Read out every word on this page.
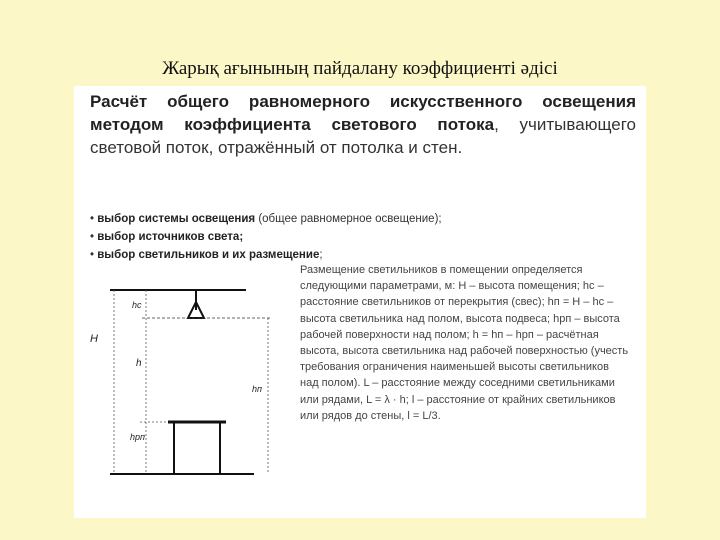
Жарық ағынының пайдалану коэффициенті әдісі
Расчёт общего равномерного искусственного освещения методом коэффициента светового потока, учитывающего световой поток, отражённый от потолка и стен.
• выбор системы освещения (общее равномерное освещение);
• выбор источников света;
• выбор светильников и их размещение;
H
hс
h
hп
hрп
Размещение светильников в помещении определяется следующими параметрами, м: H – высота помещения; hс – расстояние светильников от перекрытия (свес); hп = H – hс – высота светильника над полом, высота подвеса; hрп – высота рабочей поверхности над полом; h = hп – hрп – расчётная высота, высота светильника над рабочей поверхностью (учесть требования ограничения наименьшей высоты светильников над полом). L – расстояние между соседними светильниками или рядами, L = λ · h; l – расстояние от крайних светильников или рядов до стены, l = L/3.
